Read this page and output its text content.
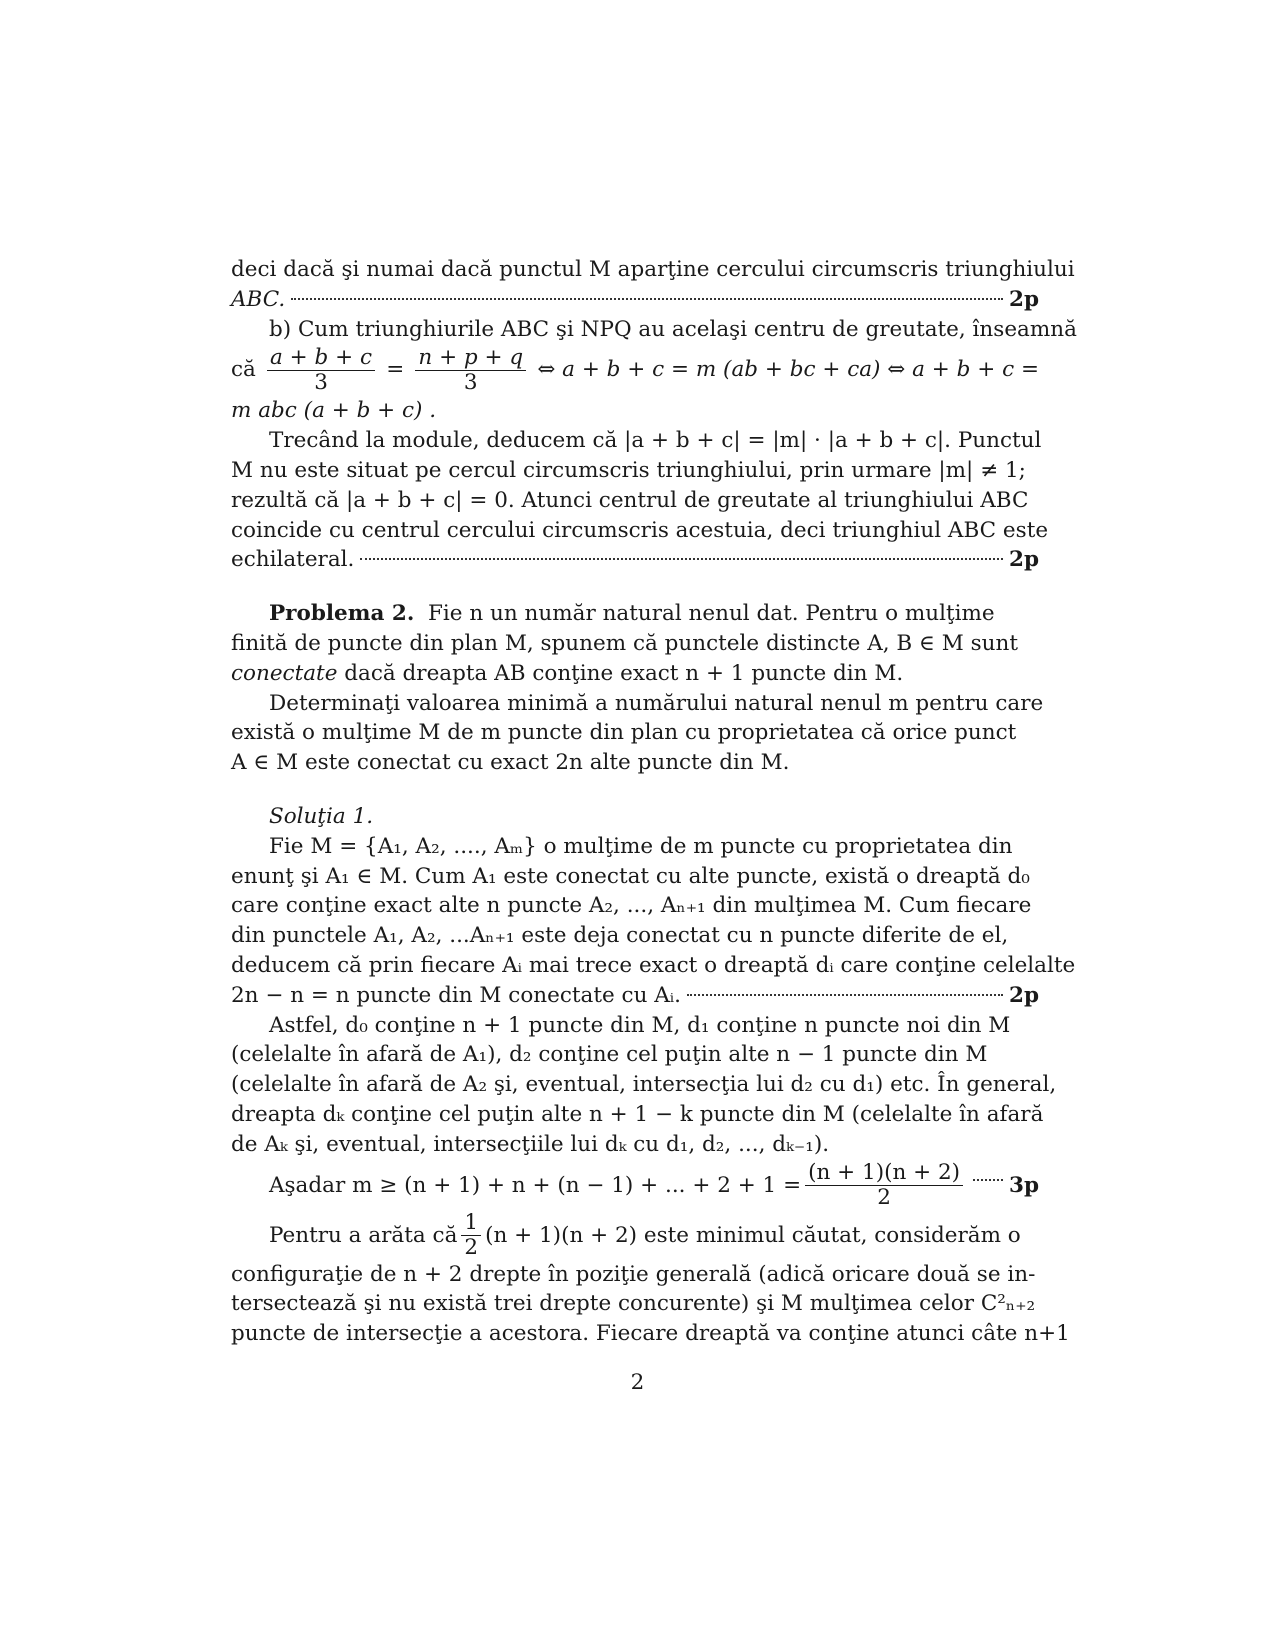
deci dacă şi numai dacă punctul M aparţine cercului circumscris triunghiului
ABC.	2p
b) Cum triunghiurile ABC şi NPQ au acelaşi centru de greutate, înseamnă
că $\frac{a + b + c}{3} = \frac{n + p + q}{3}$ ⇔ a + b + c = m (ab + bc + ca) ⇔ a + b + c =
m abc (a + b + c) .
Trecând la module, deducem că |a + b + c| = |m| · |a + b + c|. Punctul
M nu este situat pe cercul circumscris triunghiului, prin urmare |m| ≠ 1;
rezultă că |a + b + c| = 0. Atunci centrul de greutate al triunghiului ABC
coincide cu centrul cercului circumscris acestuia, deci triunghiul ABC este
echilateral.	2p
Problema 2.
Fie n un număr natural nenul dat. Pentru o mulţime
finită de puncte din plan M, spunem că punctele distincte A, B ∈ M sunt
conectate
dacă dreapta AB conţine exact n + 1 puncte din M.
Determinaţi valoarea minimă a numărului natural nenul m pentru care
există o mulţime M de m puncte din plan cu proprietatea că orice punct
A ∈ M este conectat cu exact 2n alte puncte din M.
Soluţia 1.
Fie M = {A₁, A₂, ...., Aₘ} o mulţime de m puncte cu proprietatea din
enunţ şi A₁ ∈ M. Cum A₁ este conectat cu alte puncte, există o dreaptă d₀
care conţine exact alte n puncte A₂, ..., Aₙ₊₁ din mulţimea M. Cum fiecare
din punctele A₁, A₂, ...Aₙ₊₁ este deja conectat cu n puncte diferite de el,
deducem că prin fiecare Aᵢ mai trece exact o dreaptă dᵢ care conţine celelalte
2n − n = n puncte din M conectate cu Aᵢ.	2p
Astfel, d₀ conţine n + 1 puncte din M, d₁ conţine n puncte noi din M
(celelalte în afară de A₁), d₂ conţine cel puţin alte n − 1 puncte din M
(celelalte în afară de A₂ şi, eventual, intersecţia lui d₂ cu d₁) etc. În general,
dreapta dₖ conţine cel puţin alte n + 1 − k puncte din M (celelalte în afară
de Aₖ şi, eventual, intersecţiile lui dₖ cu d₁, d₂, ..., dₖ₋₁).
Aşadar m ≥ (n + 1) + n + (n − 1) + ... + $2 + 1 = \frac{(n + 1)(n + 2)}{2} 3p$
Pentru a arăta că $\frac{1}{2} (n + 1)(n + 2)$ este minimul căutat, considerăm o
configuraţie de n + 2 drepte în poziţie generală (adică oricare două se in-
tersectează şi nu există trei drepte concurente) şi M mulţimea celor C²ₙ₊₂
puncte de intersecţie a acestora. Fiecare dreaptă va conţine atunci câte n+1
2
